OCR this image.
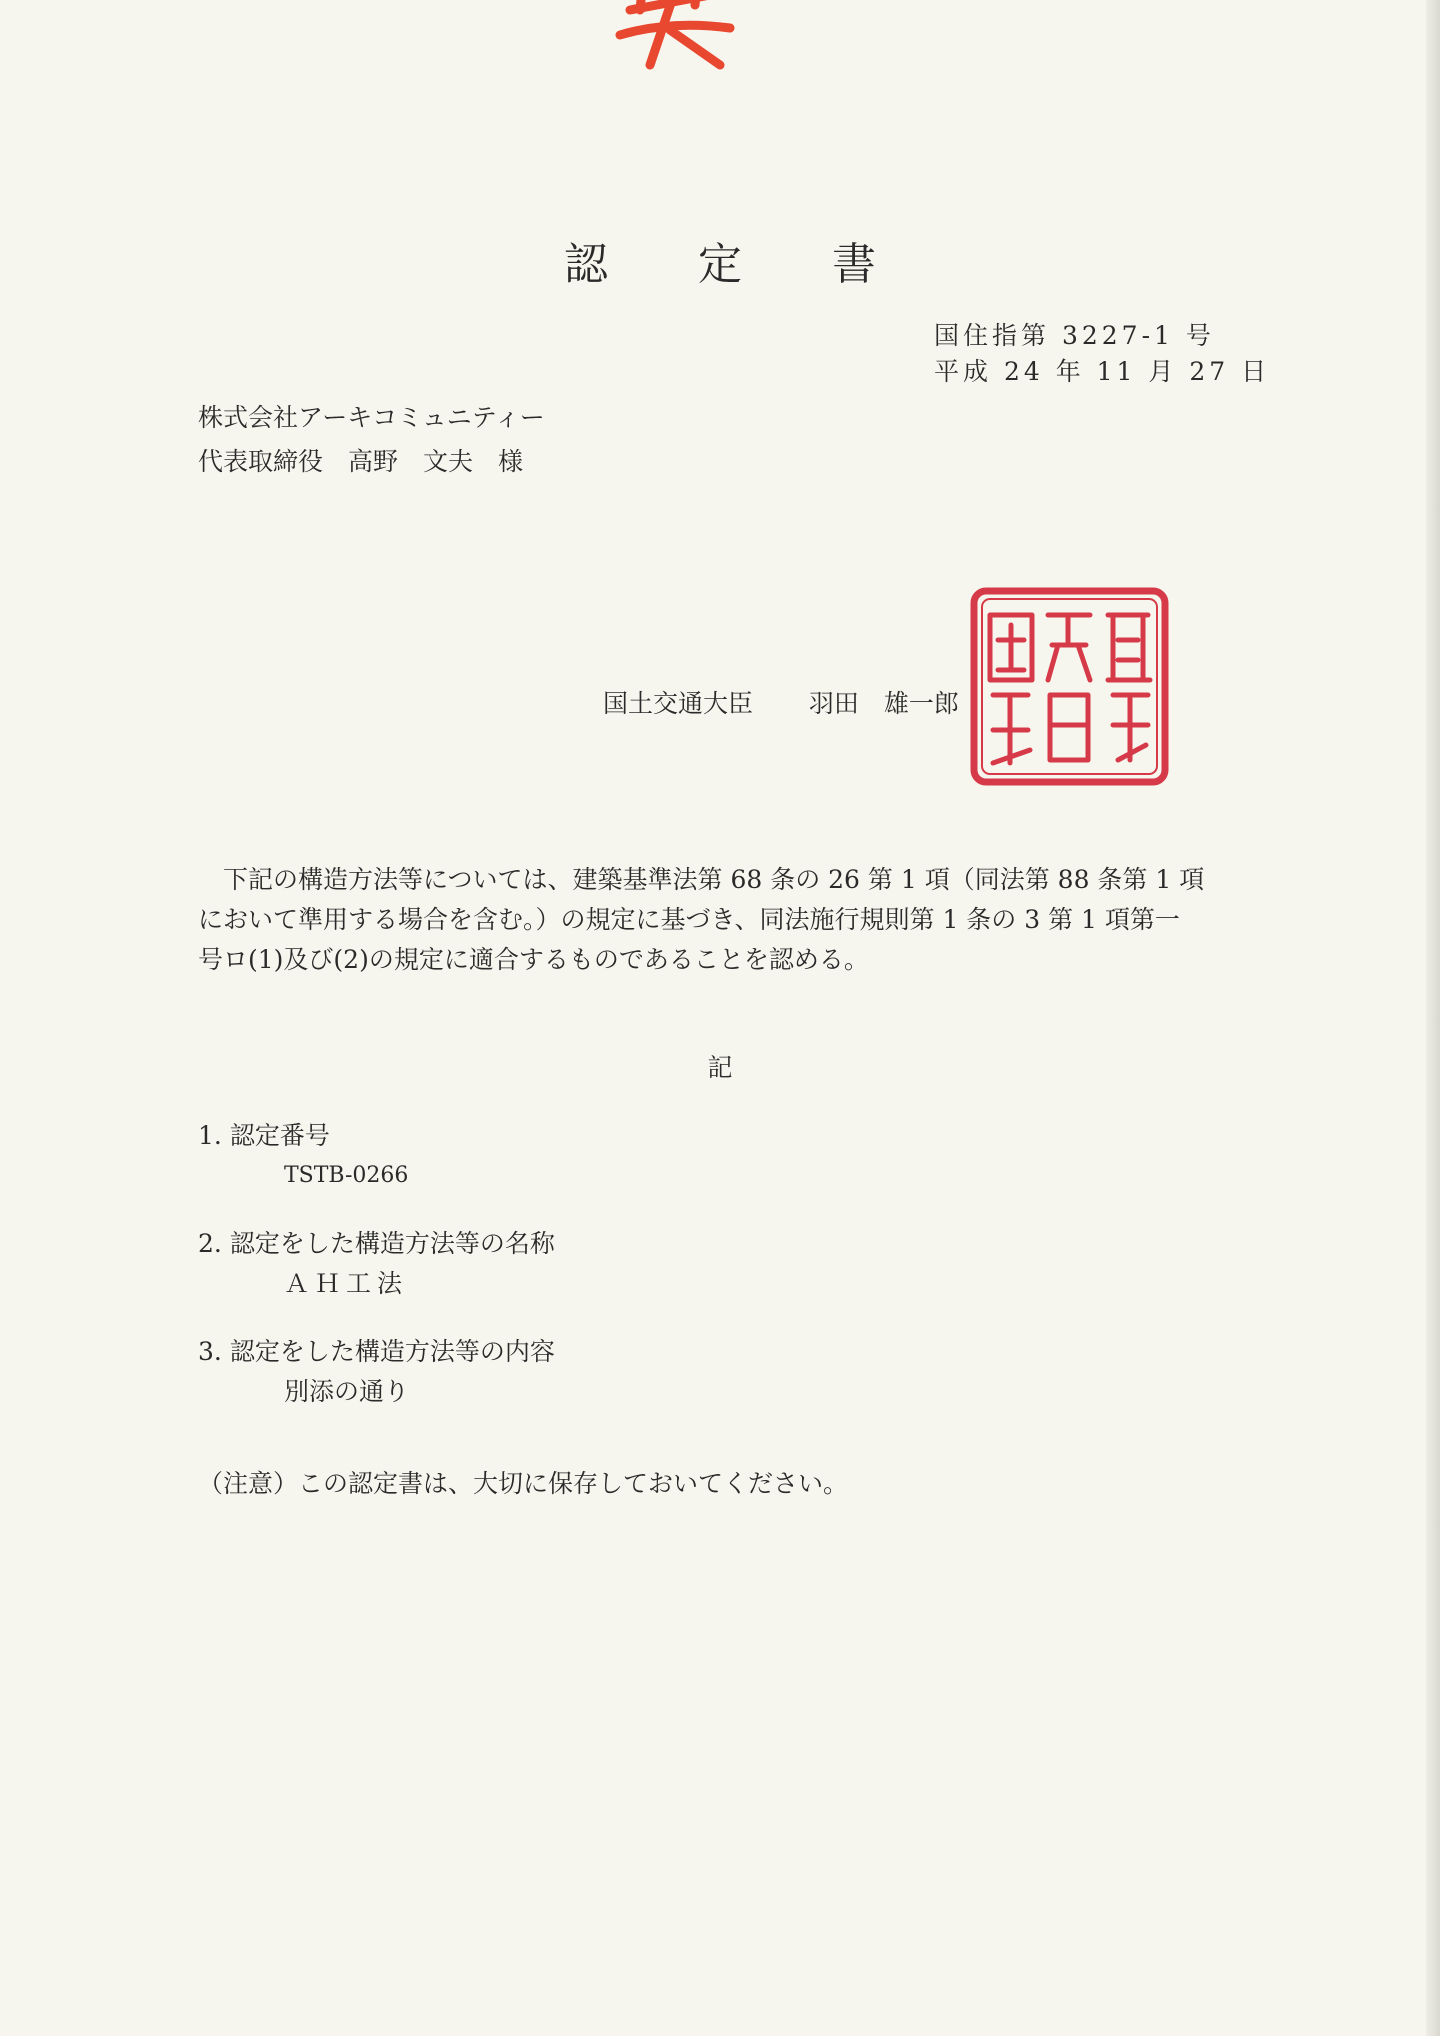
認 定 書
国住指第 3227-1 号
平成 24 年 11 月 27 日
株式会社アーキコミュニティー
代表取締役　高野　文夫　様
国土交通大臣 羽田　雄一郎
　下記の構造方法等については、建築基準法第 68 条の 26 第 1 項（同法第 88 条第 1 項
において準用する場合を含む。）の規定に基づき、同法施行規則第 1 条の 3 第 1 項第一
号ロ(1)及び(2)の規定に適合するものであることを認める。
記
1. 認定番号
TSTB-0266
2. 認定をした構造方法等の名称
ＡＨ工法
3. 認定をした構造方法等の内容
別添の通り
（注意）この認定書は、大切に保存しておいてください。
